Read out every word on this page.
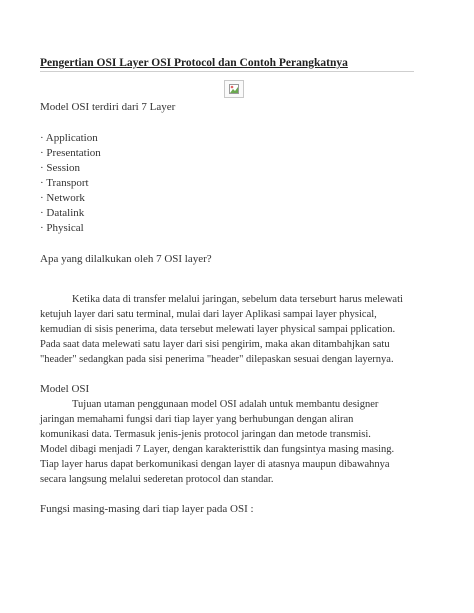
Pengertian OSI Layer OSI Protocol dan Contoh Perangkatnya
Model OSI terdiri dari 7 Layer
· Application
· Presentation
· Session
· Transport
· Network
· Datalink
· Physical
Apa yang dilalkukan oleh 7 OSI layer?
Ketika data di transfer melalui jaringan, sebelum data terseburt harus melewati
ketujuh layer dari satu terminal, mulai dari layer Aplikasi sampai layer physical,
kemudian di sisis penerima, data tersebut melewati layer physical sampai pplication.
Pada saat data melewati satu layer dari sisi pengirim, maka akan ditambahjkan satu
"header" sedangkan pada sisi penerima "header" dilepaskan sesuai dengan layernya.
Model OSI
Tujuan utaman penggunaan model OSI adalah untuk membantu designer
jaringan memahami fungsi dari tiap layer yang berhubungan dengan aliran
komunikasi data. Termasuk jenis-jenis protocol jaringan dan metode transmisi.
Model dibagi menjadi 7 Layer, dengan karakteristtik dan fungsintya masing masing.
Tiap layer harus dapat berkomunikasi dengan layer di atasnya maupun dibawahnya
secara langsung melalui sederetan protocol dan standar.
Fungsi masing-masing dari tiap layer pada OSI :
